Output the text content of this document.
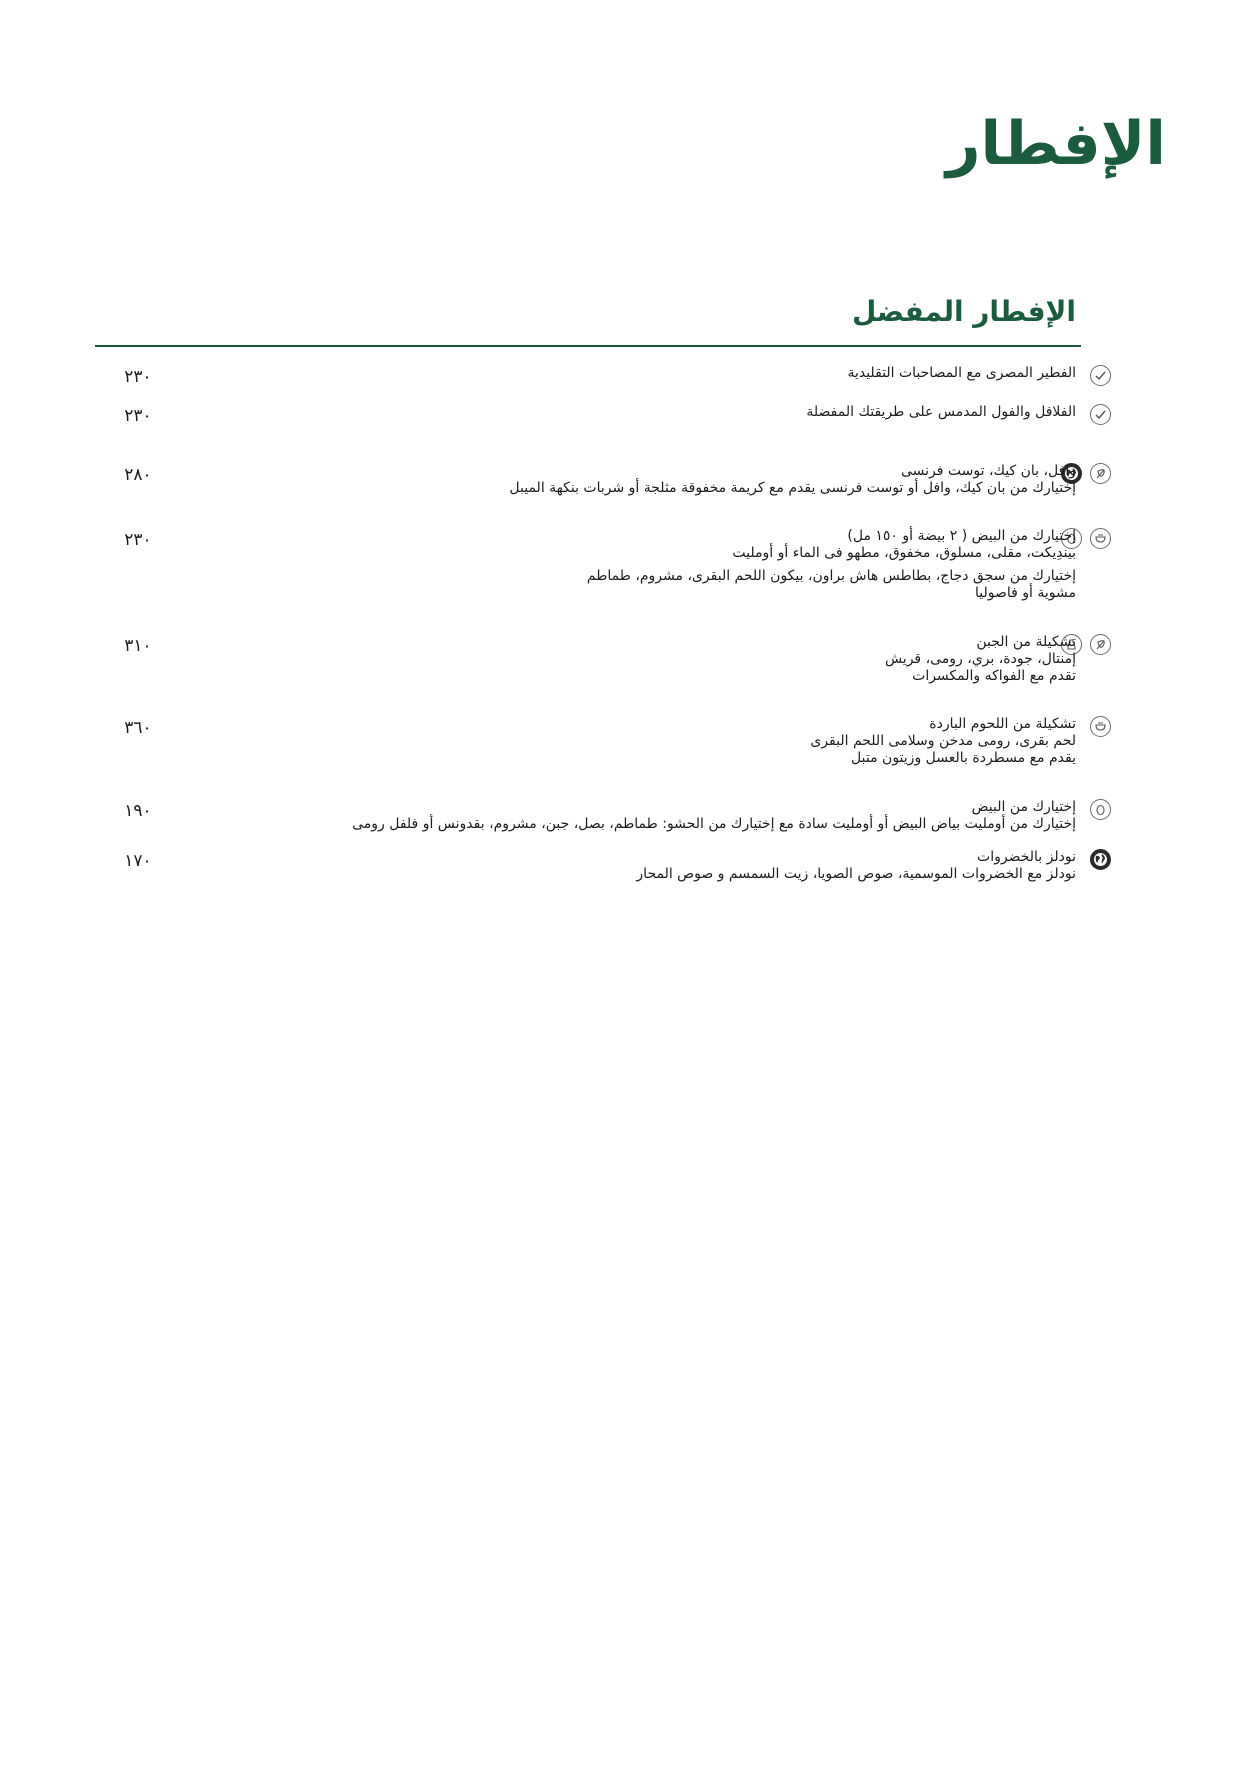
الإفطار
الإفطار المفضل
الفطير المصرى مع المصاحبات التقليدية
٢٣٠
الفلافل والفول المدمس على طريقتك المفضلة
٢٣٠
وافل، بان كيك، توست فرنسى
إختيارك من بان كيك، وافل أو توست فرنسى يقدم مع كريمة مخفوقة مثلجة أو شربات بنكهة الميبل
٢٨٠
إختيارك من البيض ( ٢ بيضة أو ١٥٠ مل)
بيندِيكت، مقلى، مسلوق، مخفوق، مطهو فى الماء أو أومليت
إختيارك من سجق دجاج، بطاطس هاش براون، بيكون اللحم البقرى، مشروم، طماطم
مشوية أو فاصوليا
٢٣٠
تشكيلة من الجبن
إمنتال، جودة، بري، رومى، قريش
تقدم مع الفواكه والمكسرات
٣١٠
تشكيلة من اللحوم الباردة
لحم بقرى، رومى مدخن وسلامى اللحم البقرى
يقدم مع مسطردة بالعسل وزيتون متبل
٣٦٠
إختيارك من البيض
إختيارك من أومليت بياض البيض أو أومليت سادة مع إختيارك من الحشو: طماطم، بصل، جبن، مشروم، بقدونس أو فلفل رومى
١٩٠
نودلز بالخضروات
نودلز مع الخضروات الموسمية، صوص الصويا، زيت السمسم و صوص المحار
١٧٠
